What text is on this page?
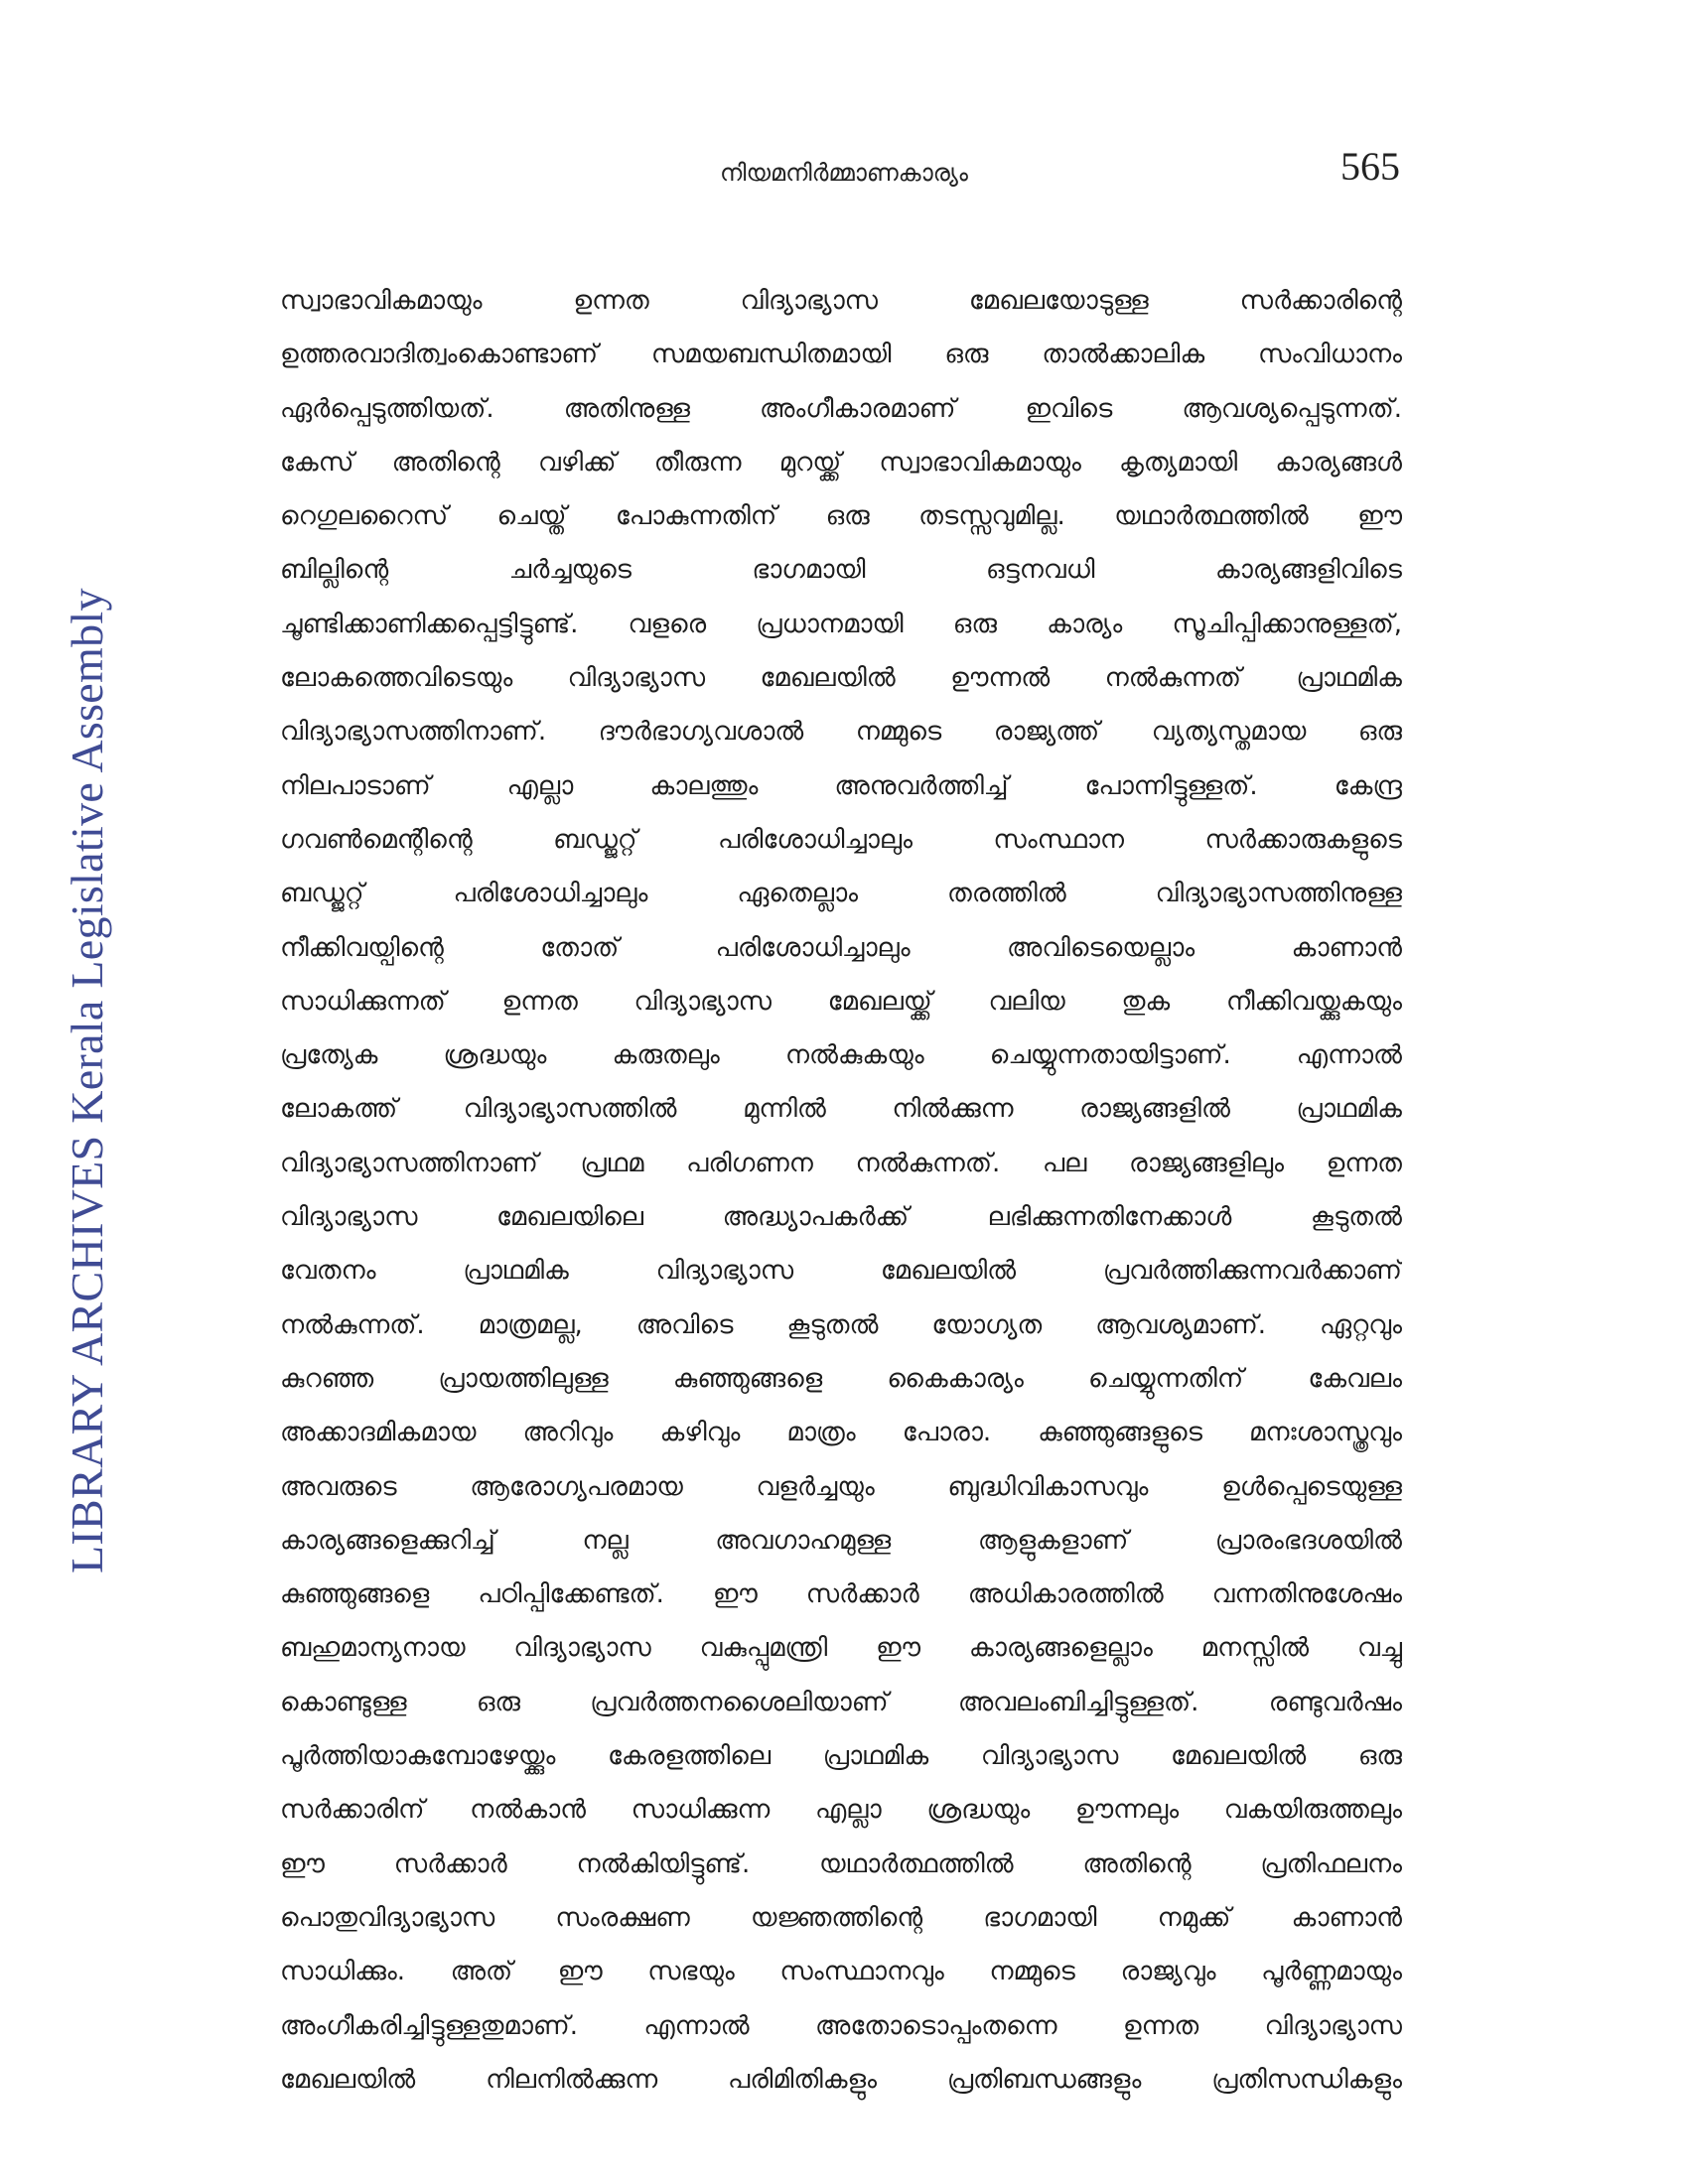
നിയമനിർമ്മാണകാര്യം	565
LIBRARY ARCHIVES Kerala Legislative Assembly
സ്വാഭാവികമായും ഉന്നത വിദ്യാഭ്യാസ മേഖലയോടുള്ള സർക്കാരിന്റെ
ഉത്തരവാദിത്വംകൊണ്ടാണ് സമയബന്ധിതമായി ഒരു താൽക്കാലിക സംവിധാനം
ഏർപ്പെടുത്തിയത്. അതിനുള്ള അംഗീകാരമാണ് ഇവിടെ ആവശ്യപ്പെടുന്നത്.
കേസ് അതിന്റെ വഴിക്ക് തീരുന്ന മുറയ്ക്ക് സ്വാഭാവികമായും കൃത്യമായി കാര്യങ്ങൾ
റെഗുലറൈസ് ചെയ്ത് പോകുന്നതിന് ഒരു തടസ്സവുമില്ല. യഥാർത്ഥത്തിൽ ഈ
ബില്ലിന്റെ ചർച്ചയുടെ ഭാഗമായി ഒട്ടനവധി കാര്യങ്ങളിവിടെ
ചൂണ്ടിക്കാണിക്കപ്പെട്ടിട്ടുണ്ട്. വളരെ പ്രധാനമായി ഒരു കാര്യം സൂചിപ്പിക്കാനുള്ളത്,
ലോകത്തെവിടെയും വിദ്യാഭ്യാസ മേഖലയിൽ ഊന്നൽ നൽകുന്നത് പ്രാഥമിക
വിദ്യാഭ്യാസത്തിനാണ്. ദൗർഭാഗ്യവശാൽ നമ്മുടെ രാജ്യത്ത് വ്യത്യസ്തമായ ഒരു
നിലപാടാണ് എല്ലാ കാലത്തും അനുവർത്തിച്ച് പോന്നിട്ടുള്ളത്. കേന്ദ്ര
ഗവൺമെന്റിന്റെ ബഡ്ജറ്റ് പരിശോധിച്ചാലും സംസ്ഥാന സർക്കാരുകളുടെ
ബഡ്ജറ്റ് പരിശോധിച്ചാലും ഏതെല്ലാം തരത്തിൽ വിദ്യാഭ്യാസത്തിനുള്ള
നീക്കിവയ്പിന്റെ തോത് പരിശോധിച്ചാലും അവിടെയെല്ലാം കാണാൻ
സാധിക്കുന്നത് ഉന്നത വിദ്യാഭ്യാസ മേഖലയ്ക്ക് വലിയ തുക നീക്കിവയ്ക്കുകയും
പ്രത്യേക ശ്രദ്ധയും കരുതലും നൽകുകയും ചെയ്യുന്നതായിട്ടാണ്. എന്നാൽ
ലോകത്ത് വിദ്യാഭ്യാസത്തിൽ മുന്നിൽ നിൽക്കുന്ന രാജ്യങ്ങളിൽ പ്രാഥമിക
വിദ്യാഭ്യാസത്തിനാണ് പ്രഥമ പരിഗണന നൽകുന്നത്. പല രാജ്യങ്ങളിലും ഉന്നത
വിദ്യാഭ്യാസ മേഖലയിലെ അദ്ധ്യാപകർക്ക് ലഭിക്കുന്നതിനേക്കാൾ കൂടുതൽ
വേതനം പ്രാഥമിക വിദ്യാഭ്യാസ മേഖലയിൽ പ്രവർത്തിക്കുന്നവർക്കാണ്
നൽകുന്നത്. മാത്രമല്ല, അവിടെ കൂടുതൽ യോഗ്യത ആവശ്യമാണ്. ഏറ്റവും
കുറഞ്ഞ പ്രായത്തിലുള്ള കുഞ്ഞുങ്ങളെ കൈകാര്യം ചെയ്യുന്നതിന് കേവലം
അക്കാദമികമായ അറിവും കഴിവും മാത്രം പോരാ. കുഞ്ഞുങ്ങളുടെ മനഃശാസ്ത്രവും
അവരുടെ ആരോഗ്യപരമായ വളർച്ചയും ബുദ്ധിവികാസവും ഉൾപ്പെടെയുള്ള
കാര്യങ്ങളെക്കുറിച്ച് നല്ല അവഗാഹമുള്ള ആളുകളാണ് പ്രാരംഭദശയിൽ
കുഞ്ഞുങ്ങളെ പഠിപ്പിക്കേണ്ടത്. ഈ സർക്കാർ അധികാരത്തിൽ വന്നതിനുശേഷം
ബഹുമാന്യനായ വിദ്യാഭ്യാസ വകുപ്പുമന്ത്രി ഈ കാര്യങ്ങളെല്ലാം മനസ്സിൽ വച്ചു
കൊണ്ടുള്ള ഒരു പ്രവർത്തനശൈലിയാണ് അവലംബിച്ചിട്ടുള്ളത്. രണ്ടുവർഷം
പൂർത്തിയാകുമ്പോഴേയ്ക്കും കേരളത്തിലെ പ്രാഥമിക വിദ്യാഭ്യാസ മേഖലയിൽ ഒരു
സർക്കാരിന് നൽകാൻ സാധിക്കുന്ന എല്ലാ ശ്രദ്ധയും ഊന്നലും വകയിരുത്തലും
ഈ സർക്കാർ നൽകിയിട്ടുണ്ട്. യഥാർത്ഥത്തിൽ അതിന്റെ പ്രതിഫലനം
പൊതുവിദ്യാഭ്യാസ സംരക്ഷണ യജ്ഞത്തിന്റെ ഭാഗമായി നമുക്ക് കാണാൻ
സാധിക്കും. അത് ഈ സഭയും സംസ്ഥാനവും നമ്മുടെ രാജ്യവും പൂർണ്ണമായും
അംഗീകരിച്ചിട്ടുള്ളതുമാണ്. എന്നാൽ അതോടൊപ്പംതന്നെ ഉന്നത വിദ്യാഭ്യാസ
മേഖലയിൽ നിലനിൽക്കുന്ന പരിമിതികളും പ്രതിബന്ധങ്ങളും പ്രതിസന്ധികളും
